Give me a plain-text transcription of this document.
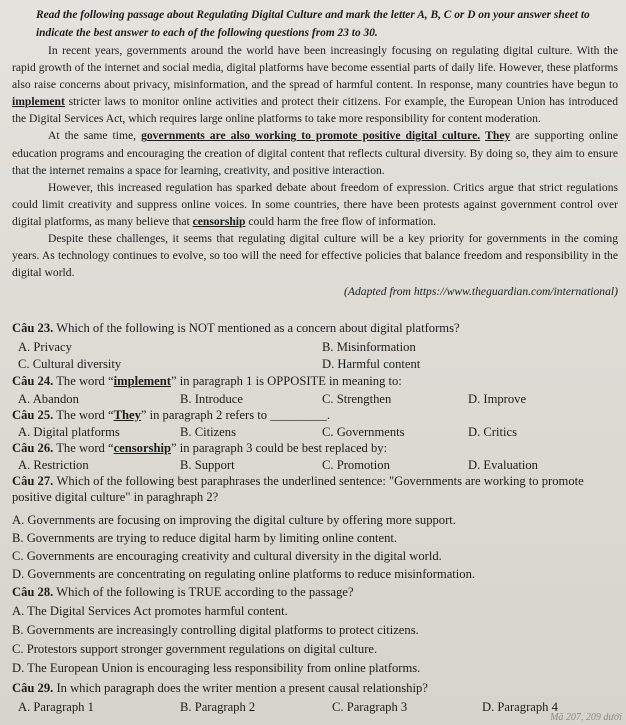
Read the following passage about Regulating Digital Culture and mark the letter A, B, C or D on your answer sheet to indicate the best answer to each of the following questions from 23 to 30.

In recent years, governments around the world have been increasingly focusing on regulating digital culture. With the rapid growth of the internet and social media, digital platforms have become essential parts of daily life. However, these platforms also raise concerns about privacy, misinformation, and the spread of harmful content. In response, many countries have begun to implement stricter laws to monitor online activities and protect their citizens. For example, the European Union has introduced the Digital Services Act, which requires large online platforms to take more responsibility for content moderation.

At the same time, governments are also working to promote positive digital culture. They are supporting online education programs and encouraging the creation of digital content that reflects cultural diversity. By doing so, they aim to ensure that the internet remains a space for learning, creativity, and positive interaction.

However, this increased regulation has sparked debate about freedom of expression. Critics argue that strict regulations could limit creativity and suppress online voices. In some countries, there have been protests against government control over digital platforms, as many believe that censorship could harm the free flow of information.

Despite these challenges, it seems that regulating digital culture will be a key priority for governments in the coming years. As technology continues to evolve, so too will the need for effective policies that balance freedom and responsibility in the digital world.

(Adapted from https://www.theguardian.com/international)

Câu 23. Which of the following is NOT mentioned as a concern about digital platforms?
A. Privacy	B. Misinformation
C. Cultural diversity	D. Harmful content
Câu 24. The word “implement” in paragraph 1 is OPPOSITE in meaning to:
A. Abandon	B. Introduce	C. Strengthen	D. Improve
Câu 25. The word “They” in paragraph 2 refers to _________.
A. Digital platforms	B. Citizens	C. Governments	D. Critics
Câu 26. The word “censorship” in paragraph 3 could be best replaced by:
A. Restriction	B. Support	C. Promotion	D. Evaluation
Câu 27. Which of the following best paraphrases the underlined sentence: "Governments are working to promote positive digital culture" in paraghraph 2?
A. Governments are focusing on improving the digital culture by offering more support.
B. Governments are trying to reduce digital harm by limiting online content.
C. Governments are encouraging creativity and cultural diversity in the digital world.
D. Governments are concentrating on regulating online platforms to reduce misinformation.
Câu 28. Which of the following is TRUE according to the passage?
A. The Digital Services Act promotes harmful content.
B. Governments are increasingly controlling digital platforms to protect citizens.
C. Protestors support stronger government regulations on digital culture.
D. The European Union is encouraging less responsibility from online platforms.
Câu 29. In which paragraph does the writer mention a present causal relationship?
A. Paragraph 1	B. Paragraph 2	C. Paragraph 3	D. Paragraph 4
Mã 207, 209 dưới
